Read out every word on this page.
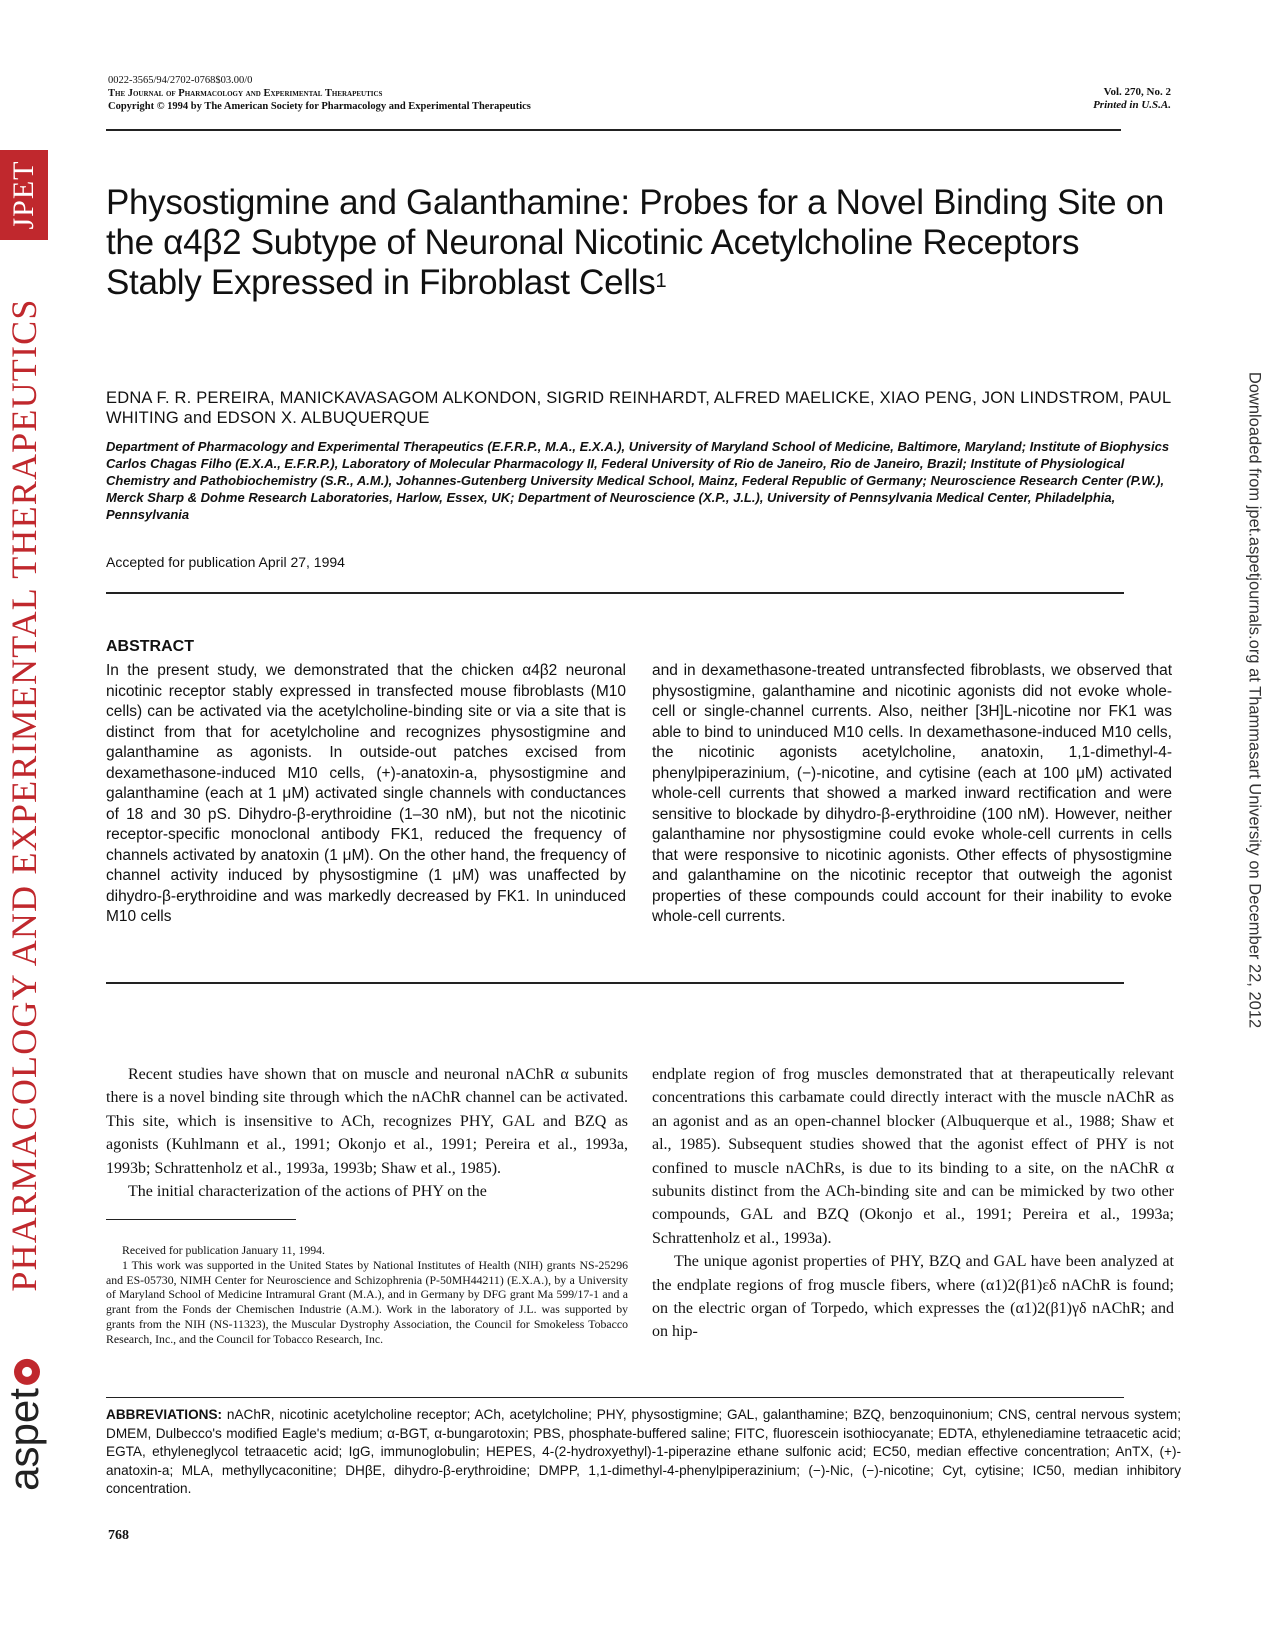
JPET
PHARMACOLOGY AND EXPERIMENTAL THERAPEUTICS
aspet
0022-3565/94/2702-0768$03.00/0
The Journal of Pharmacology and Experimental Therapeutics
Copyright © 1994 by The American Society for Pharmacology and Experimental Therapeutics
Vol. 270, No. 2
Printed in U.S.A.
Physostigmine and Galanthamine: Probes for a Novel Binding Site on the α4β2 Subtype of Neuronal Nicotinic Acetylcholine Receptors Stably Expressed in Fibroblast Cells$^1$
EDNA F. R. PEREIRA, MANICKAVASAGOM ALKONDON, SIGRID REINHARDT, ALFRED MAELICKE, XIAO PENG, JON LINDSTROM, PAUL WHITING and EDSON X. ALBUQUERQUE
Department of Pharmacology and Experimental Therapeutics (E.F.R.P., M.A., E.X.A.), University of Maryland School of Medicine, Baltimore, Maryland; Institute of Biophysics Carlos Chagas Filho (E.X.A., E.F.R.P.), Laboratory of Molecular Pharmacology II, Federal University of Rio de Janeiro, Rio de Janeiro, Brazil; Institute of Physiological Chemistry and Pathobiochemistry (S.R., A.M.), Johannes-Gutenberg University Medical School, Mainz, Federal Republic of Germany; Neuroscience Research Center (P.W.), Merck Sharp & Dohme Research Laboratories, Harlow, Essex, UK; Department of Neuroscience (X.P., J.L.), University of Pennsylvania Medical Center, Philadelphia, Pennsylvania
Accepted for publication April 27, 1994
ABSTRACT
In the present study, we demonstrated that the chicken α4β2 neuronal nicotinic receptor stably expressed in transfected mouse fibroblasts (M10 cells) can be activated via the acetylcholine-binding site or via a site that is distinct from that for acetylcholine and recognizes physostigmine and galanthamine as agonists. In outside-out patches excised from dexamethasone-induced M10 cells, (+)-anatoxin-a, physostigmine and galanthamine (each at 1 μM) activated single channels with conductances of 18 and 30 pS. Dihydro-β-erythroidine (1–30 nM), but not the nicotinic receptor-specific monoclonal antibody FK1, reduced the frequency of channels activated by anatoxin (1 μM). On the other hand, the frequency of channel activity induced by physostigmine (1 μM) was unaffected by dihydro-β-erythroidine and was markedly decreased by FK1. In uninduced M10 cells
and in dexamethasone-treated untransfected fibroblasts, we observed that physostigmine, galanthamine and nicotinic agonists did not evoke whole-cell or single-channel currents. Also, neither [3H]L-nicotine nor FK1 was able to bind to uninduced M10 cells. In dexamethasone-induced M10 cells, the nicotinic agonists acetylcholine, anatoxin, 1,1-dimethyl-4-phenylpiperazinium, (−)-nicotine, and cytisine (each at 100 μM) activated whole-cell currents that showed a marked inward rectification and were sensitive to blockade by dihydro-β-erythroidine (100 nM). However, neither galanthamine nor physostigmine could evoke whole-cell currents in cells that were responsive to nicotinic agonists. Other effects of physostigmine and galanthamine on the nicotinic receptor that outweigh the agonist properties of these compounds could account for their inability to evoke whole-cell currents.

Recent studies have shown that on muscle and neuronal nAChR α subunits there is a novel binding site through which the nAChR channel can be activated. This site, which is insensitive to ACh, recognizes PHY, GAL and BZQ as agonists (Kuhlmann et al., 1991; Okonjo et al., 1991; Pereira et al., 1993a, 1993b; Schrattenholz et al., 1993a, 1993b; Shaw et al., 1985).

The initial characterization of the actions of PHY on the

Received for publication January 11, 1994.

1 This work was supported in the United States by National Institutes of Health (NIH) grants NS-25296 and ES-05730, NIMH Center for Neuroscience and Schizophrenia (P-50MH44211) (E.X.A.), by a University of Maryland School of Medicine Intramural Grant (M.A.), and in Germany by DFG grant Ma 599/17-1 and a grant from the Fonds der Chemischen Industrie (A.M.). Work in the laboratory of J.L. was supported by grants from the NIH (NS-11323), the Muscular Dystrophy Association, the Council for Smokeless Tobacco Research, Inc., and the Council for Tobacco Research, Inc.

endplate region of frog muscles demonstrated that at therapeutically relevant concentrations this carbamate could directly interact with the muscle nAChR as an agonist and as an open-channel blocker (Albuquerque et al., 1988; Shaw et al., 1985). Subsequent studies showed that the agonist effect of PHY is not confined to muscle nAChRs, is due to its binding to a site, on the nAChR α subunits distinct from the ACh-binding site and can be mimicked by two other compounds, GAL and BZQ (Okonjo et al., 1991; Pereira et al., 1993a; Schrattenholz et al., 1993a).

The unique agonist properties of PHY, BZQ and GAL have been analyzed at the endplate regions of frog muscle fibers, where (α1)2(β1)εδ nAChR is found; on the electric organ of Torpedo, which expresses the (α1)2(β1)γδ nAChR; and on hip-

ABBREVIATIONS: nAChR, nicotinic acetylcholine receptor; ACh, acetylcholine; PHY, physostigmine; GAL, galanthamine; BZQ, benzoquinonium; CNS, central nervous system; DMEM, Dulbecco's modified Eagle's medium; α-BGT, α-bungarotoxin; PBS, phosphate-buffered saline; FITC, fluorescein isothiocyanate; EDTA, ethylenediamine tetraacetic acid; EGTA, ethyleneglycol tetraacetic acid; IgG, immunoglobulin; HEPES, 4-(2-hydroxyethyl)-1-piperazine ethane sulfonic acid; EC50, median effective concentration; AnTX, (+)-anatoxin-a; MLA, methyllycaconitine; DHβE, dihydro-β-erythroidine; DMPP, 1,1-dimethyl-4-phenylpiperazinium; (−)-Nic, (−)-nicotine; Cyt, cytisine; IC50, median inhibitory concentration.
768
Downloaded from jpet.aspetjournals.org at Thammasart University on December 22, 2012
